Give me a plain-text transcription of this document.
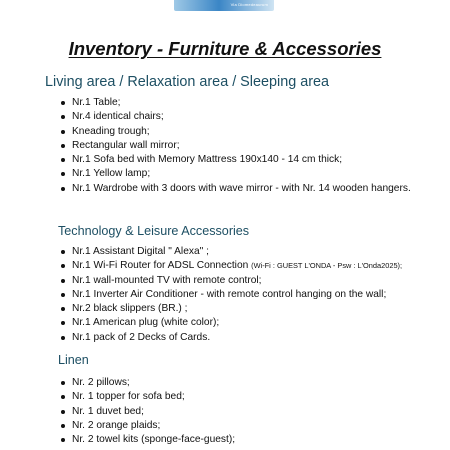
Via Diomedeaurum
Inventory - Furniture & Accessories
Living area / Relaxation area / Sleeping area
Nr.1 Table;
Nr.4 identical chairs;
Kneading trough;
Rectangular wall mirror;
Nr.1 Sofa bed with Memory Mattress 190x140 - 14 cm thick;
Nr.1 Yellow lamp;
Nr.1 Wardrobe with 3 doors with wave mirror - with Nr. 14 wooden hangers.
Technology & Leisure Accessories
Nr.1 Assistant Digital " Alexa" ;
Nr.1 Wi-Fi Router for ADSL Connection (Wi-Fi : GUEST L'ONDA - Psw : L'Onda2025);
Nr.1 wall-mounted TV with remote control;
Nr.1 Inverter Air Conditioner - with remote control hanging on the wall;
Nr.2 black slippers (BR.) ;
Nr.1 American plug (white color);
Nr.1 pack of 2 Decks of Cards.
Linen
Nr. 2 pillows;
Nr. 1 topper for sofa bed;
Nr. 1 duvet bed;
Nr. 2 orange plaids;
Nr. 2 towel kits (sponge-face-guest);
